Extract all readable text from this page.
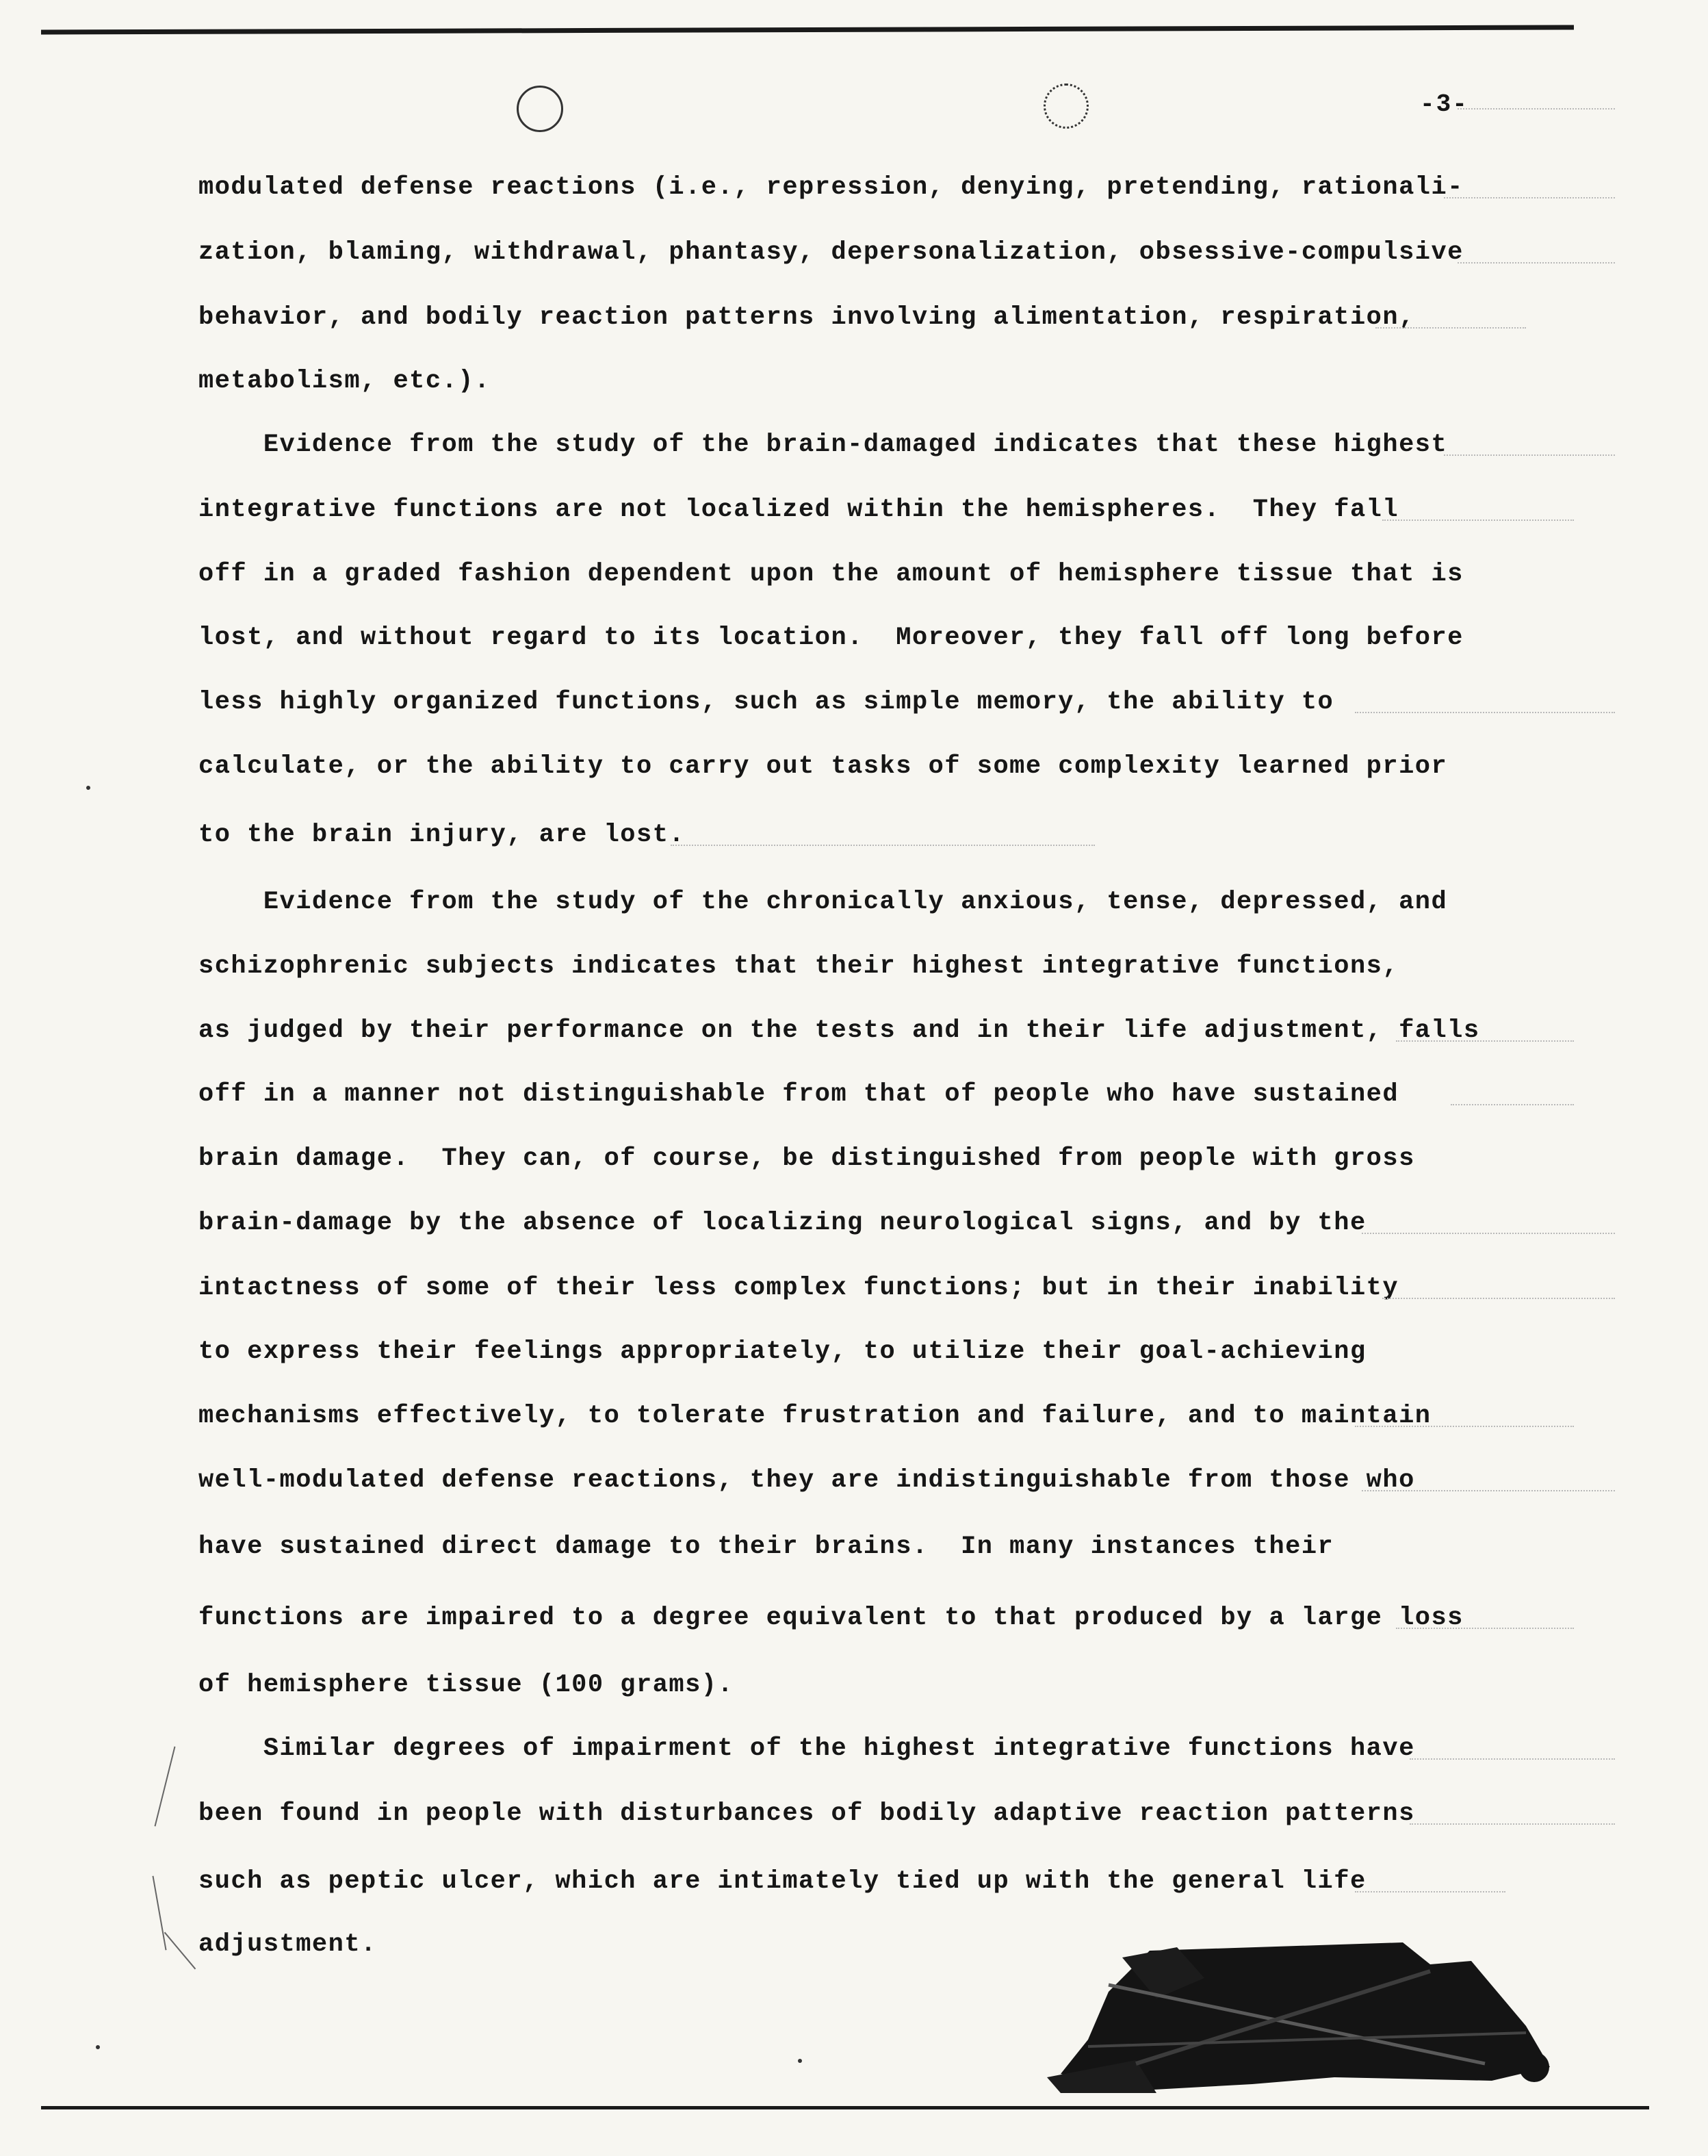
-3-

modulated defense reactions (i.e., repression, denying, pretending, rationali-

zation, blaming, withdrawal, phantasy, depersonalization, obsessive-compulsive

behavior, and bodily reaction patterns involving alimentation, respiration,

metabolism, etc.).

Evidence from the study of the brain-damaged indicates that these highest

integrative functions are not localized within the hemispheres.  They fall

off in a graded fashion dependent upon the amount of hemisphere tissue that is

lost, and without regard to its location.  Moreover, they fall off long before

less highly organized functions, such as simple memory, the ability to

calculate, or the ability to carry out tasks of some complexity learned prior

to the brain injury, are lost.

Evidence from the study of the chronically anxious, tense, depressed, and

schizophrenic subjects indicates that their highest integrative functions,

as judged by their performance on the tests and in their life adjustment, falls

off in a manner not distinguishable from that of people who have sustained

brain damage.  They can, of course, be distinguished from people with gross

brain-damage by the absence of localizing neurological signs, and by the

intactness of some of their less complex functions; but in their inability

to express their feelings appropriately, to utilize their goal-achieving

mechanisms effectively, to tolerate frustration and failure, and to maintain

well-modulated defense reactions, they are indistinguishable from those who

have sustained direct damage to their brains.  In many instances their

functions are impaired to a degree equivalent to that produced by a large loss

of hemisphere tissue (100 grams).

Similar degrees of impairment of the highest integrative functions have

been found in people with disturbances of bodily adaptive reaction patterns

such as peptic ulcer, which are intimately tied up with the general life

adjustment.
